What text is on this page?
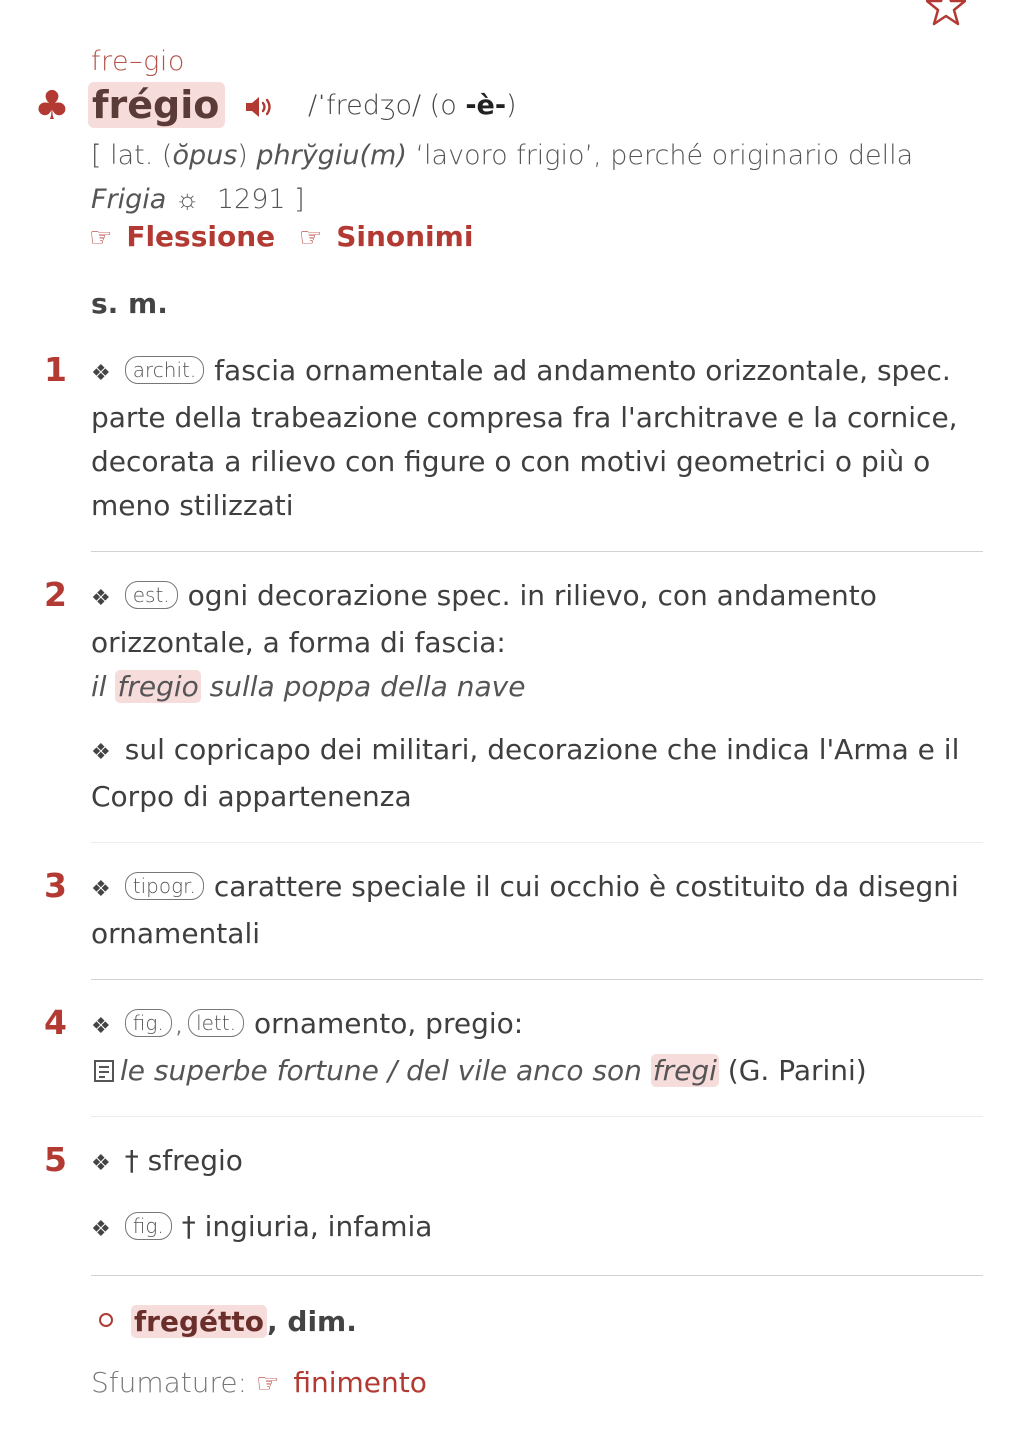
fre–gio
♣ frégio	/ˈfredʒo/ (o -è-)
[ lat. (ŏpus) phrўgiu(m) ‘lavoro frigio’, perché originario della Frigia ☼ 1291 ]
☞ Flessione ☞ Sinonimi
s. m.
1 ❖ archit. fascia ornamentale ad andamento orizzontale, spec. parte della trabeazione compresa fra l'architrave e la cornice, decorata a rilievo con figure o con motivi geometrici o più o meno stilizzati
2 ❖ est. ogni decorazione spec. in rilievo, con andamento orizzontale, a forma di fascia:
il fregio sulla poppa della nave
❖ sul copricapo dei militari, decorazione che indica l'Arma e il Corpo di appartenenza
3 ❖ tipogr. carattere speciale il cui occhio è costituito da disegni ornamentali
4 ❖ fig. , lett. ornamento, pregio:
le superbe fortune / del vile anco son fregi (G. Parini)
5 ❖ † sfregio
❖ fig. † ingiuria, infamia
fregétto , dim.
Sfumature: ☞ finimento
